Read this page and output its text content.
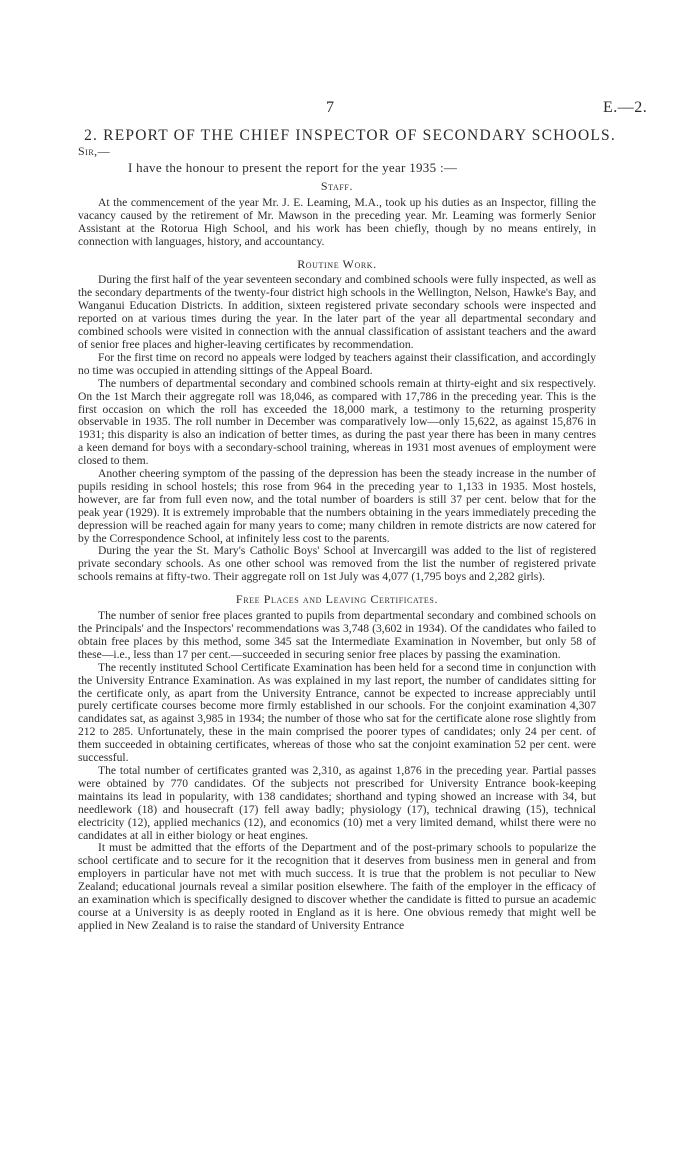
7	E.—2.
2. REPORT OF THE CHIEF INSPECTOR OF SECONDARY SCHOOLS.
Sir,—
I have the honour to present the report for the year 1935 :—

Staff.

At the commencement of the year Mr. J. E. Leaming, M.A., took up his duties as an Inspector, filling the vacancy caused by the retirement of Mr. Mawson in the preceding year. Mr. Leaming was formerly Senior Assistant at the Rotorua High School, and his work has been chiefly, though by no means entirely, in connection with languages, history, and accountancy.

Routine Work.

During the first half of the year seventeen secondary and combined schools were fully inspected, as well as the secondary departments of the twenty-four district high schools in the Wellington, Nelson, Hawke's Bay, and Wanganui Education Districts. In addition, sixteen registered private secondary schools were inspected and reported on at various times during the year. In the later part of the year all departmental secondary and combined schools were visited in connection with the annual classification of assistant teachers and the award of senior free places and higher-leaving certificates by recommendation.

For the first time on record no appeals were lodged by teachers against their classification, and accordingly no time was occupied in attending sittings of the Appeal Board.

The numbers of departmental secondary and combined schools remain at thirty-eight and six respectively. On the 1st March their aggregate roll was 18,046, as compared with 17,786 in the preceding year. This is the first occasion on which the roll has exceeded the 18,000 mark, a testimony to the returning prosperity observable in 1935. The roll number in December was comparatively low—only 15,622, as against 15,876 in 1931; this disparity is also an indication of better times, as during the past year there has been in many centres a keen demand for boys with a secondary-school training, whereas in 1931 most avenues of employment were closed to them.

Another cheering symptom of the passing of the depression has been the steady increase in the number of pupils residing in school hostels; this rose from 964 in the preceding year to 1,133 in 1935. Most hostels, however, are far from full even now, and the total number of boarders is still 37 per cent. below that for the peak year (1929). It is extremely improbable that the numbers obtaining in the years immediately preceding the depression will be reached again for many years to come; many children in remote districts are now catered for by the Correspondence School, at infinitely less cost to the parents.

During the year the St. Mary's Catholic Boys' School at Invercargill was added to the list of registered private secondary schools. As one other school was removed from the list the number of registered private schools remains at fifty-two. Their aggregate roll on 1st July was 4,077 (1,795 boys and 2,282 girls).

Free Places and Leaving Certificates.

The number of senior free places granted to pupils from departmental secondary and combined schools on the Principals' and the Inspectors' recommendations was 3,748 (3,602 in 1934). Of the candidates who failed to obtain free places by this method, some 345 sat the Intermediate Examination in November, but only 58 of these—i.e., less than 17 per cent.—succeeded in securing senior free places by passing the examination.

The recently instituted School Certificate Examination has been held for a second time in conjunction with the University Entrance Examination. As was explained in my last report, the number of candidates sitting for the certificate only, as apart from the University Entrance, cannot be expected to increase appreciably until purely certificate courses become more firmly established in our schools. For the conjoint examination 4,307 candidates sat, as against 3,985 in 1934; the number of those who sat for the certificate alone rose slightly from 212 to 285. Unfortunately, these in the main comprised the poorer types of candidates; only 24 per cent. of them succeeded in obtaining certificates, whereas of those who sat the conjoint examination 52 per cent. were successful.

The total number of certificates granted was 2,310, as against 1,876 in the preceding year. Partial passes were obtained by 770 candidates. Of the subjects not prescribed for University Entrance book-keeping maintains its lead in popularity, with 138 candidates; shorthand and typing showed an increase with 34, but needlework (18) and housecraft (17) fell away badly; physiology (17), technical drawing (15), technical electricity (12), applied mechanics (12), and economics (10) met a very limited demand, whilst there were no candidates at all in either biology or heat engines.

It must be admitted that the efforts of the Department and of the post-primary schools to popularize the school certificate and to secure for it the recognition that it deserves from business men in general and from employers in particular have not met with much success. It is true that the problem is not peculiar to New Zealand; educational journals reveal a similar position elsewhere. The faith of the employer in the efficacy of an examination which is specifically designed to discover whether the candidate is fitted to pursue an academic course at a University is as deeply rooted in England as it is here. One obvious remedy that might well be applied in New Zealand is to raise the standard of University Entrance
